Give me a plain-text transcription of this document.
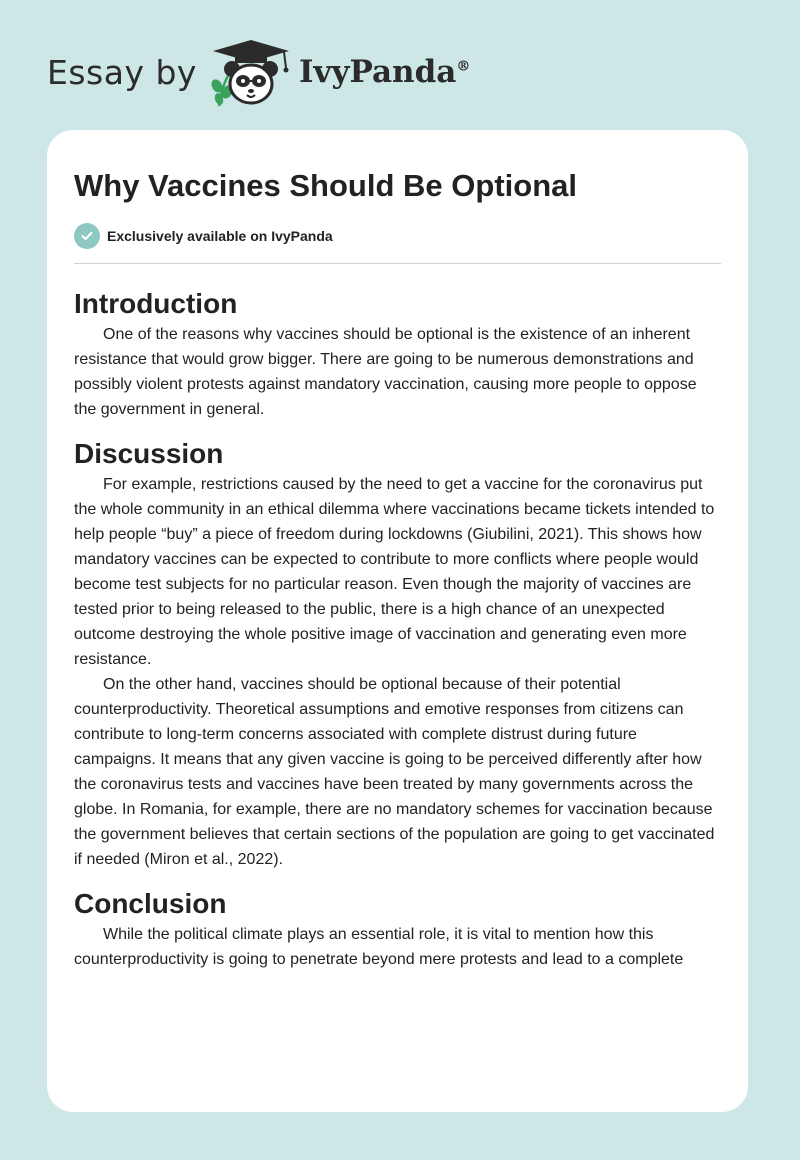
Essay by	IvyPanda®
Why Vaccines Should Be Optional
Exclusively available on IvyPanda
Introduction

One of the reasons why vaccines should be optional is the existence of an inherent resistance that would grow bigger. There are going to be numerous demonstrations and possibly violent protests against mandatory vaccination, causing more people to oppose the government in general.

Discussion

For example, restrictions caused by the need to get a vaccine for the coronavirus put the whole community in an ethical dilemma where vaccinations became tickets intended to help people “buy” a piece of freedom during lockdowns (Giubilini, 2021). This shows how mandatory vaccines can be expected to contribute to more conflicts where people would become test subjects for no particular reason. Even though the majority of vaccines are tested prior to being released to the public, there is a high chance of an unexpected outcome destroying the whole positive image of vaccination and generating even more resistance.

On the other hand, vaccines should be optional because of their potential counterproductivity. Theoretical assumptions and emotive responses from citizens can contribute to long-term concerns associated with complete distrust during future campaigns. It means that any given vaccine is going to be perceived differently after how the coronavirus tests and vaccines have been treated by many governments across the globe. In Romania, for example, there are no mandatory schemes for vaccination because the government believes that certain sections of the population are going to get vaccinated if needed (Miron et al., 2022).

Conclusion

While the political climate plays an essential role, it is vital to mention how this counterproductivity is going to penetrate beyond mere protests and lead to a complete
